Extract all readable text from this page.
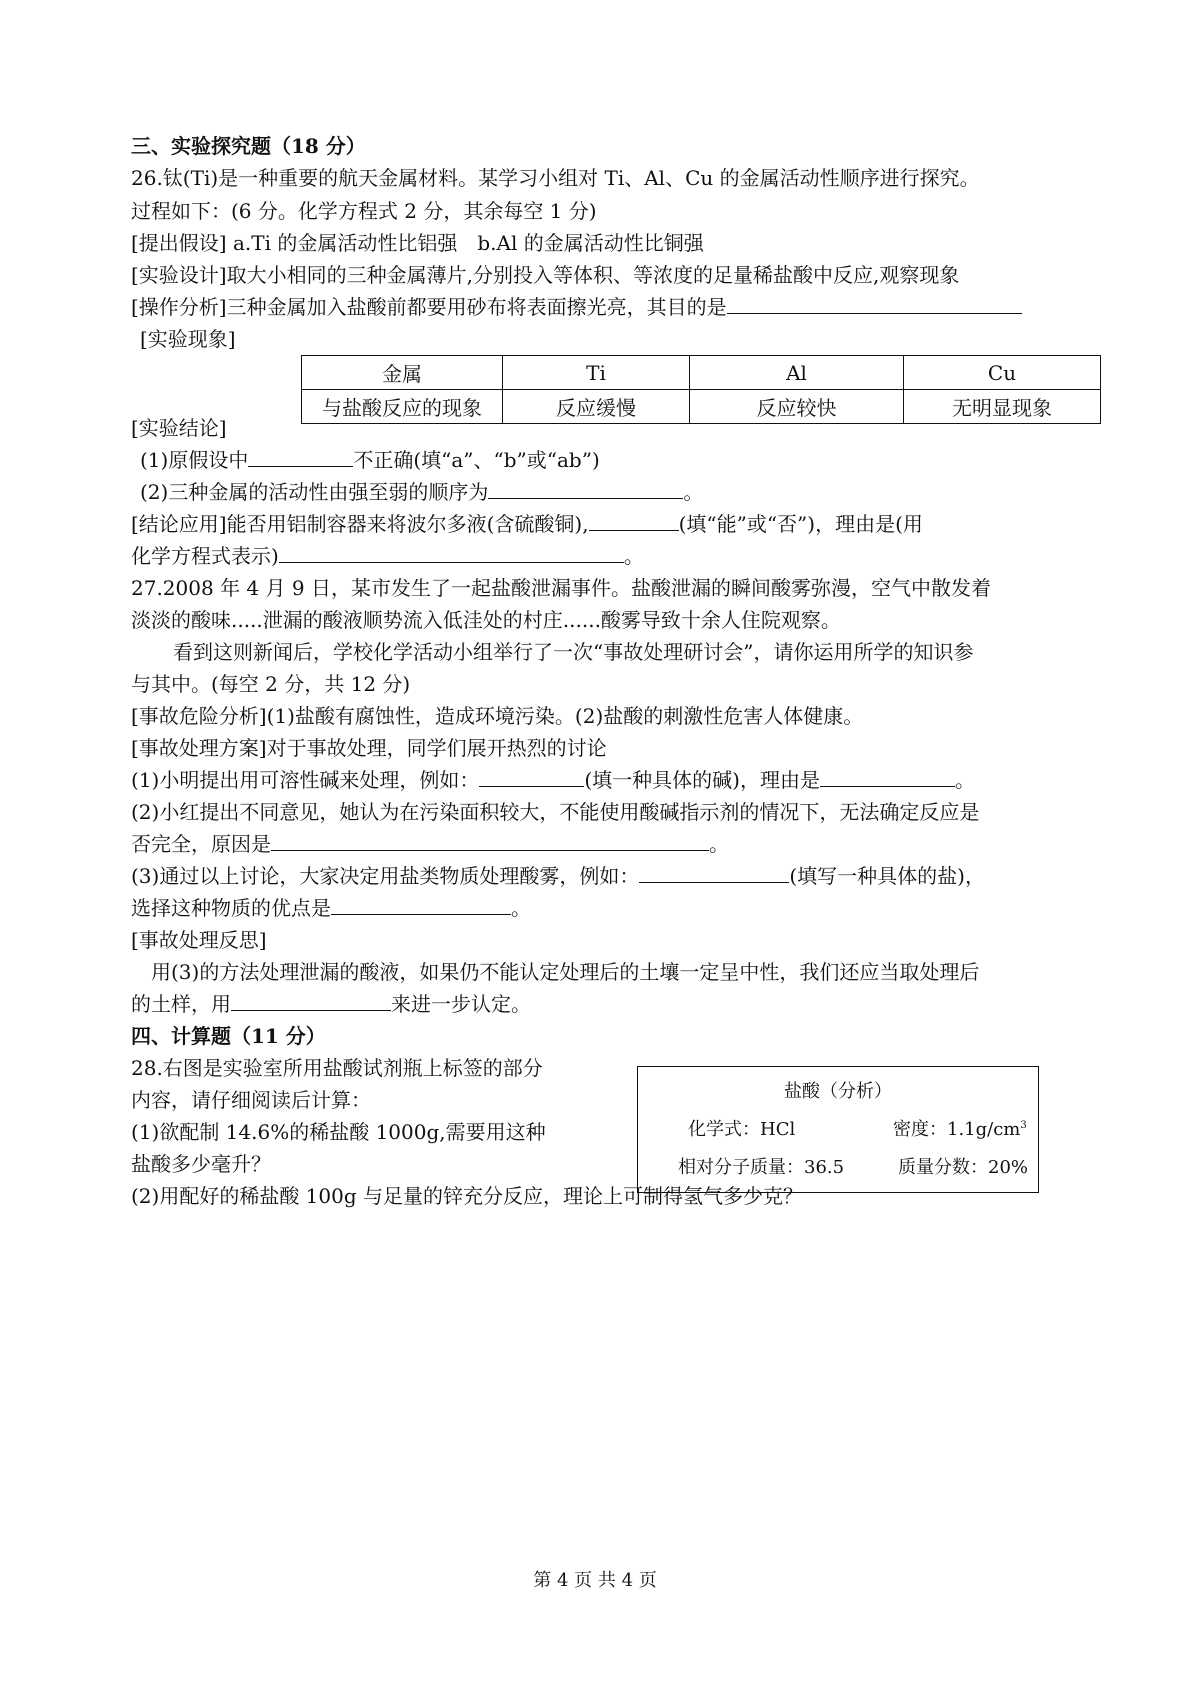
三、实验探究题（18 分）
26.钛(Ti)是一种重要的航天金属材料。某学习小组对 Ti、Al、Cu 的金属活动性顺序进行探究。
过程如下：(6 分。化学方程式 2 分，其余每空 1 分)
[提出假设] a.Ti 的金属活动性比铝强　b.Al 的金属活动性比铜强
[实验设计]取大小相同的三种金属薄片,分别投入等体积、等浓度的足量稀盐酸中反应,观察现象
[操作分析]三种金属加入盐酸前都要用砂布将表面擦光亮，其目的是
[实验现象]
金属	Ti	Al	Cu
与盐酸反应的现象	反应缓慢	反应较快	无明显现象
[实验结论]
(1)原假设中	不正确(填“a”、“b”或“ab”)
(2)三种金属的活动性由强至弱的顺序为	。
[结论应用]能否用铝制容器来将波尔多液(含硫酸铜),	(填“能”或“否”)，理由是(用
化学方程式表示)	。
27.2008 年 4 月 9 日，某市发生了一起盐酸泄漏事件。盐酸泄漏的瞬间酸雾弥漫，空气中散发着
淡淡的酸味.....泄漏的酸液顺势流入低洼处的村庄......酸雾导致十余人住院观察。
看到这则新闻后，学校化学活动小组举行了一次“事故处理研讨会”，请你运用所学的知识参
与其中。(每空 2 分，共 12 分)
[事故危险分析](1)盐酸有腐蚀性，造成环境污染。(2)盐酸的刺激性危害人体健康。
[事故处理方案]对于事故处理，同学们展开热烈的讨论
(1)小明提出用可溶性碱来处理，例如：	(填一种具体的碱)，理由是	。
(2)小红提出不同意见，她认为在污染面积较大，不能使用酸碱指示剂的情况下，无法确定反应是
否完全，原因是	。
(3)通过以上讨论，大家决定用盐类物质处理酸雾，例如：	(填写一种具体的盐)，
选择这种物质的优点是	。
[事故处理反思]
用(3)的方法处理泄漏的酸液，如果仍不能认定处理后的土壤一定呈中性，我们还应当取处理后
的土样，用	来进一步认定。
四、计算题（11 分）
28.右图是实验室所用盐酸试剂瓶上标签的部分
内容，请仔细阅读后计算：
(1)欲配制 14.6%的稀盐酸 1000g,需要用这种
盐酸多少毫升？
(2)用配好的稀盐酸 100g 与足量的锌充分反应，理论上可制得氢气多少克？
盐酸（分析）
化学式：HCl	密度：$1.1g/cm^3$
相对分子质量：36.5	质量分数：20%
第 4 页 共 4 页
